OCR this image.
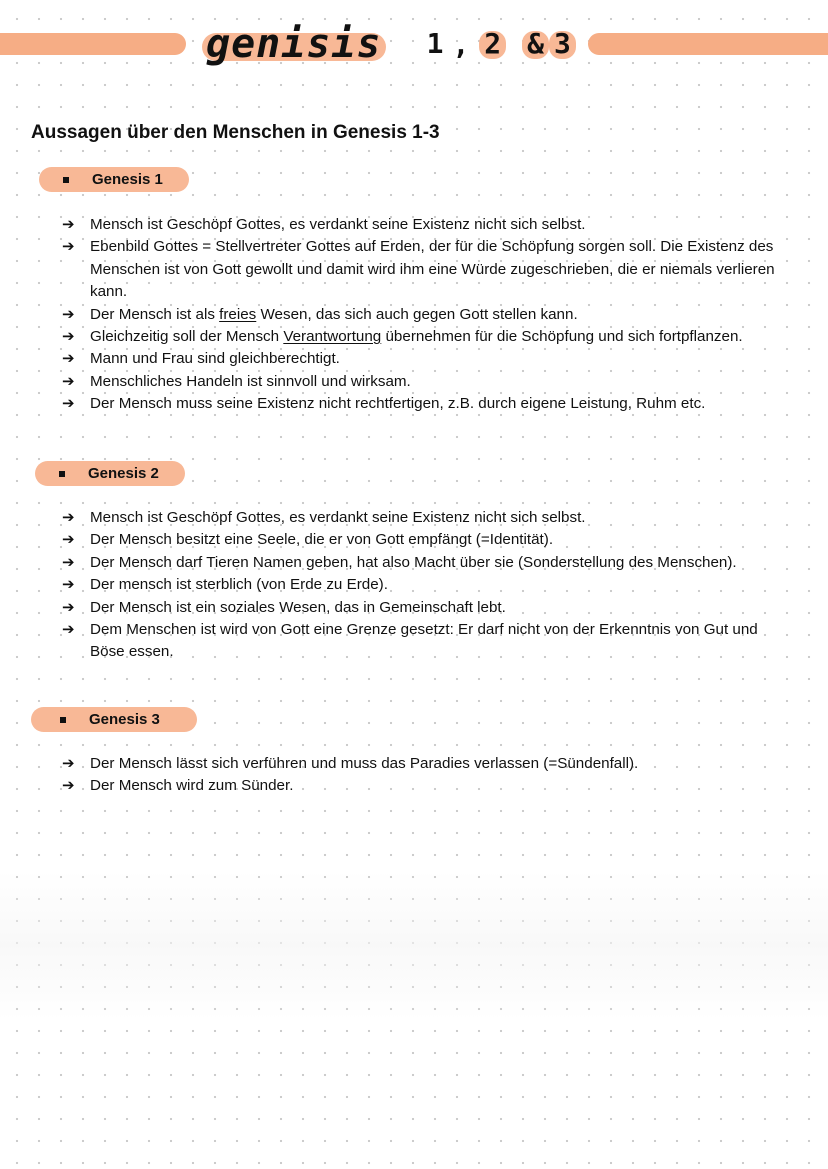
genisis 1 , 2 & 3
Aussagen über den Menschen in Genesis 1-3
Genesis 1
➔ Mensch ist Geschöpf Gottes, es verdankt seine Existenz nicht sich selbst.
➔ Ebenbild Gottes = Stellvertreter Gottes auf Erden, der für die Schöpfung sorgen soll. Die Existenz des Menschen ist von Gott gewollt und damit wird ihm eine Würde zugeschrieben, die er niemals verlieren kann.
➔ Der Mensch ist als freies Wesen, das sich auch gegen Gott stellen kann.
➔ Gleichzeitig soll der Mensch Verantwortung übernehmen für die Schöpfung und sich fortpflanzen.
➔ Mann und Frau sind gleichberechtigt.
➔ Menschliches Handeln ist sinnvoll und wirksam.
➔ Der Mensch muss seine Existenz nicht rechtfertigen, z.B. durch eigene Leistung, Ruhm etc.
Genesis 2
➔ Mensch ist Geschöpf Gottes, es verdankt seine Existenz nicht sich selbst.
➔ Der Mensch besitzt eine Seele, die er von Gott empfängt (=Identität).
➔ Der Mensch darf Tieren Namen geben, hat also Macht über sie (Sonderstellung des Menschen).
➔ Der mensch ist sterblich (von Erde zu Erde).
➔ Der Mensch ist ein soziales Wesen, das in Gemeinschaft lebt.
➔ Dem Menschen ist wird von Gott eine Grenze gesetzt: Er darf nicht von der Erkenntnis von Gut und Böse essen.
Genesis 3
➔ Der Mensch lässt sich verführen und muss das Paradies verlassen (=Sündenfall).
➔ Der Mensch wird zum Sünder.
